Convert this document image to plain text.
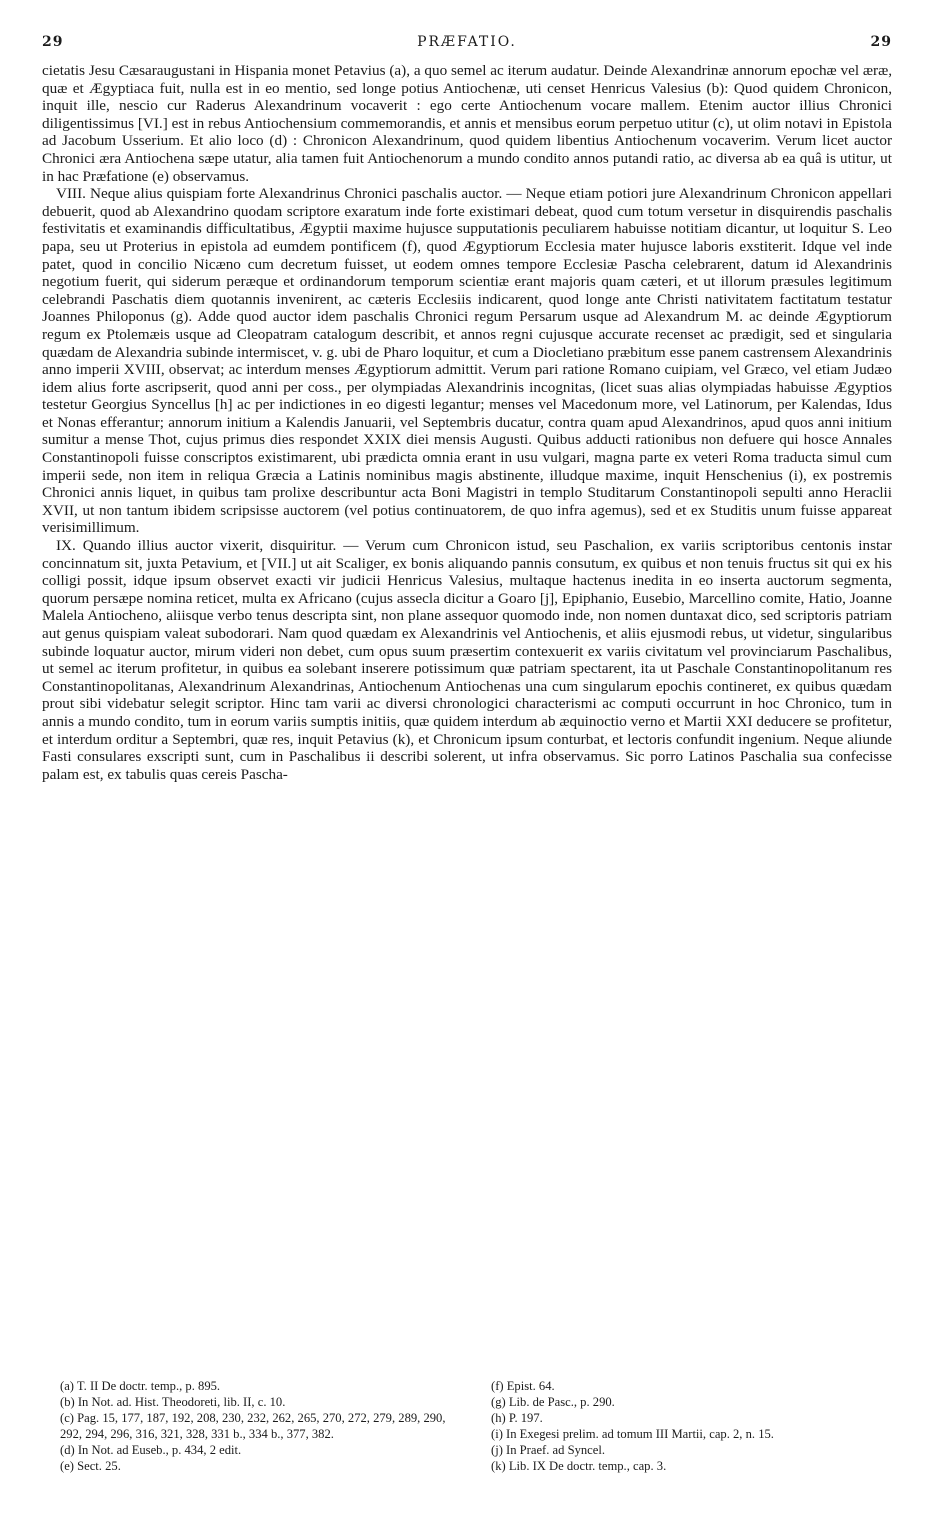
29	PRÆFATIO.	29

cietatis Jesu Cæsaraugustani in Hispania monet Petavius (a), a quo semel ac iterum audatur. Deinde Alexandrinæ annorum epochæ vel æræ, quæ et Ægyptiaca fuit, nulla est in eo mentio, sed longe potius Antiochenæ, uti censet Henricus Valesius (b): Quod quidem Chronicon, inquit ille, nescio cur Raderus Alexandrinum vocaverit : ego certe Antiochenum vocare mallem. Etenim auctor illius Chronici diligentissimus [VI.] est in rebus Antiochensium commemorandis, et annis et mensibus eorum perpetuo utitur (c), ut olim notavi in Epistola ad Jacobum Usserium. Et alio loco (d) : Chronicon Alexandrinum, quod quidem libentius Antiochenum vocaverim. Verum licet auctor Chronici æra Antiochena sæpe utatur, alia tamen fuit Antiochenorum a mundo condito annos putandi ratio, ac diversa ab ea quâ is utitur, ut in hac Præfatione (e) observamus.

VIII. Neque alius quispiam forte Alexandrinus Chronici paschalis auctor. — Neque etiam potiori jure Alexandrinum Chronicon appellari debuerit, quod ab Alexandrino quodam scriptore exaratum inde forte existimari debeat, quod cum totum versetur in disquirendis paschalis festivitatis et examinandis difficultatibus, Ægyptii maxime hujusce supputationis peculiarem habuisse notitiam dicantur, ut loquitur S. Leo papa, seu ut Proterius in epistola ad eumdem pontificem (f), quod Ægyptiorum Ecclesia mater hujusce laboris exstiterit. Idque vel inde patet, quod in concilio Nicæno cum decretum fuisset, ut eodem omnes tempore Ecclesiæ Pascha celebrarent, datum id Alexandrinis negotium fuerit, qui siderum peræque et ordinandorum temporum scientiæ erant majoris quam cæteri, et ut illorum præsules legitimum celebrandi Paschatis diem quotannis invenirent, ac cæteris Ecclesiis indicarent, quod longe ante Christi nativitatem factitatum testatur Joannes Philoponus (g). Adde quod auctor idem paschalis Chronici regum Persarum usque ad Alexandrum M. ac deinde Ægyptiorum regum ex Ptolemæis usque ad Cleopatram catalogum describit, et annos regni cujusque accurate recenset ac prædigit, sed et singularia quædam de Alexandria subinde intermiscet, v. g. ubi de Pharo loquitur, et cum a Diocletiano præbitum esse panem castrensem Alexandrinis anno imperii XVIII, observat; ac interdum menses Ægyptiorum admittit. Verum pari ratione Romano cuipiam, vel Græco, vel etiam Judæo idem alius forte ascripserit, quod anni per coss., per olympiadas Alexandrinis incognitas, (licet suas alias olympiadas habuisse Ægyptios testetur Georgius Syncellus [h] ac per indictiones in eo digesti legantur; menses vel Macedonum more, vel Latinorum, per Kalendas, Idus et Nonas efferantur; annorum initium a Kalendis Januarii, vel Septembris ducatur, contra quam apud Alexandrinos, apud quos anni initium sumitur a mense Thot, cujus primus dies respondet XXIX diei mensis Augusti. Quibus adducti rationibus non defuere qui hosce Annales Constantinopoli fuisse conscriptos existimarent, ubi prædicta omnia erant in usu vulgari, magna parte ex veteri Roma traducta simul cum imperii sede, non item in reliqua Græcia a Latinis nominibus magis abstinente, illudque maxime, inquit Henschenius (i), ex postremis Chronici annis liquet, in quibus tam prolixe describuntur acta Boni Magistri in templo Studitarum Constantinopoli sepulti anno Heraclii XVII, ut non tantum ibidem scripsisse auctorem (vel potius continuatorem, de quo infra agemus), sed et ex Studitis unum fuisse appareat verisimillimum.

IX. Quando illius auctor vixerit, disquiritur. — Verum cum Chronicon istud, seu Paschalion, ex variis scriptoribus centonis instar concinnatum sit, juxta Petavium, et [VII.] ut ait Scaliger, ex bonis aliquando pannis consutum, ex quibus et non tenuis fructus sit qui ex his colligi possit, idque ipsum observet exacti vir judicii Henricus Valesius, multaque hactenus inedita in eo inserta auctorum segmenta, quorum persæpe nomina reticet, multa ex Africano (cujus assecla dicitur a Goaro [j], Epiphanio, Eusebio, Marcellino comite, Hatio, Joanne Malela Antiocheno, aliisque verbo tenus descripta sint, non plane assequor quomodo inde, non nomen duntaxat dico, sed scriptoris patriam aut genus quispiam valeat subodorari. Nam quod quædam ex Alexandrinis vel Antiochenis, et aliis ejusmodi rebus, ut videtur, singularibus subinde loquatur auctor, mirum videri non debet, cum opus suum præsertim contexuerit ex variis civitatum vel provinciarum Paschalibus, ut semel ac iterum profitetur, in quibus ea solebant inserere potissimum quæ patriam spectarent, ita ut Paschale Constantinopolitanum res Constantinopolitanas, Alexandrinum Alexandrinas, Antiochenum Antiochenas una cum singularum epochis contineret, ex quibus quædam prout sibi videbatur selegit scriptor. Hinc tam varii ac diversi chronologici characterismi ac computi occurrunt in hoc Chronico, tum in annis a mundo condito, tum in eorum variis sumptis initiis, quæ quidem interdum ab æquinoctio verno et Martii XXI deducere se profitetur, et interdum orditur a Septembri, quæ res, inquit Petavius (k), et Chronicum ipsum conturbat, et lectoris confundit ingenium. Neque aliunde Fasti consulares exscripti sunt, cum in Paschalibus ii describi solerent, ut infra observamus. Sic porro Latinos Paschalia sua confecisse palam est, ex tabulis quas cereis Pascha-

(a) T. II De doctr. temp., p. 895.

(b) In Not. ad. Hist. Theodoreti, lib. II, c. 10.

(c) Pag. 15, 177, 187, 192, 208, 230, 232, 262, 265, 270, 272, 279, 289, 290, 292, 294, 296, 316, 321, 328, 331 b., 334 b., 377, 382.

(d) In Not. ad Euseb., p. 434, 2 edit.

(e) Sect. 25.

(f) Epist. 64.

(g) Lib. de Pasc., p. 290.

(h) P. 197.

(i) In Exegesi prelim. ad tomum III Martii, cap. 2, n. 15.

(j) In Praef. ad Syncel.

(k) Lib. IX De doctr. temp., cap. 3.
